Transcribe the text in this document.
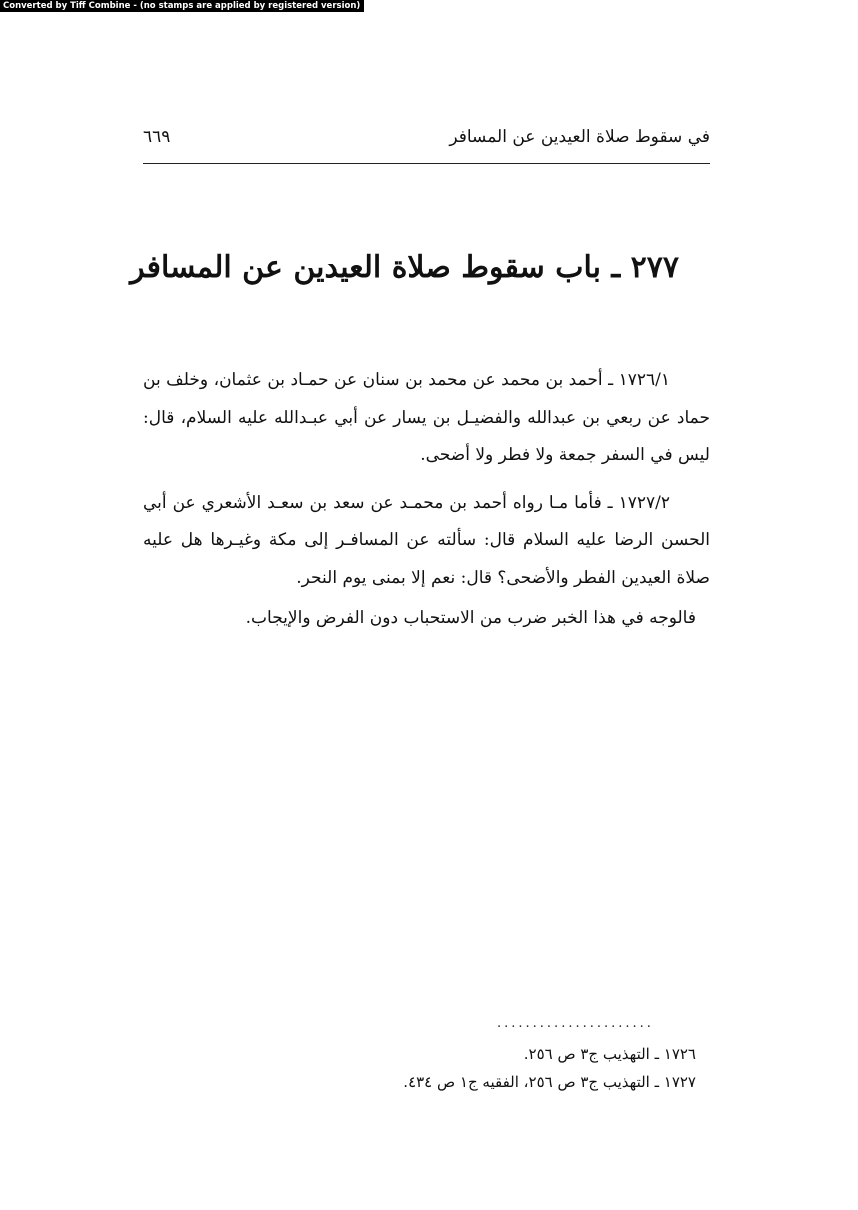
Converted by Tiff Combine - (no stamps are applied by registered version)
في سقوط صلاة العيدين عن المسافر
٦٦٩
٢٧٧ ـ باب سقوط صلاة العيدين عن المسافر

١٧٢٦/١ ـ أحمد بن محمد عن محمد بن سنان عن حمـاد بن عثمان، وخلف بن حماد عن ربعي بن عبدالله والفضيـل بن يسار عن أبي عبـدالله عليه السلام، قال: ليس في السفر جمعة ولا فطر ولا أضحى.

١٧٢٧/٢ ـ فأما مـا رواه أحمد بن محمـد عن سعد بن سعـد الأشعري عن أبي الحسن الرضا عليه السلام قال: سألته عن المسافـر إلى مكة وغيـرها هل عليه صلاة العيدين الفطر والأضحى؟ قال: نعم إلا بمنى يوم النحر.

فالوجه في هذا الخبر ضرب من الاستحباب دون الفرض والإيجاب.

......................
١٧٢٦ ـ التهذيب ج٣ ص ٢٥٦.
١٧٢٧ ـ التهذيب ج٣ ص ٢٥٦، الفقيه ج١ ص ٤٣٤.
